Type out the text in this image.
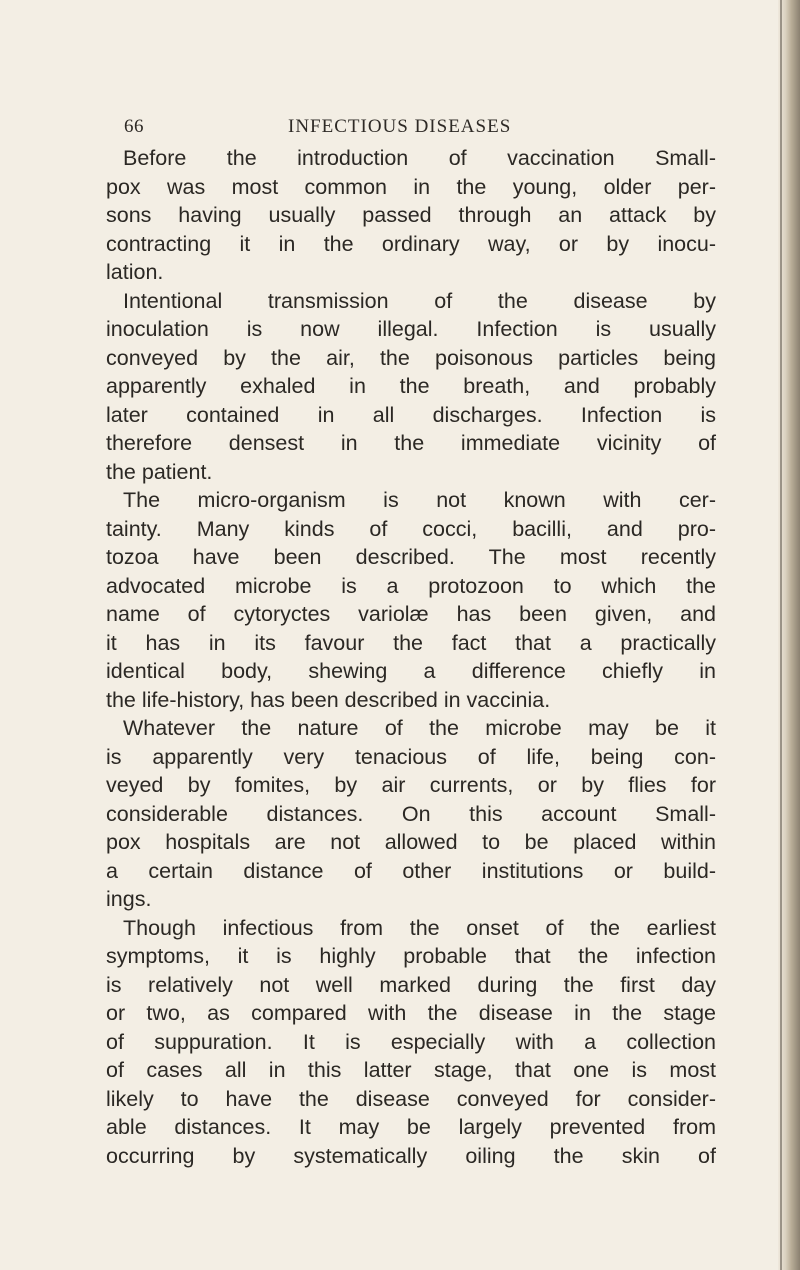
66	INFECTIOUS DISEASES
Before the introduction of vaccination Small-
pox was most common in the young, older per-
sons having usually passed through an attack by
contracting it in the ordinary way, or by inocu-
lation.
Intentional transmission of the disease by
inoculation is now illegal. Infection is usually
conveyed by the air, the poisonous particles being
apparently exhaled in the breath, and probably
later contained in all discharges. Infection is
therefore densest in the immediate vicinity of
the patient.
The micro-organism is not known with cer-
tainty. Many kinds of cocci, bacilli, and pro-
tozoa have been described. The most recently
advocated microbe is a protozoon to which the
name of cytoryctes variolæ has been given, and
it has in its favour the fact that a practically
identical body, shewing a difference chiefly in
the life-history, has been described in vaccinia.
Whatever the nature of the microbe may be it
is apparently very tenacious of life, being con-
veyed by fomites, by air currents, or by flies for
considerable distances. On this account Small-
pox hospitals are not allowed to be placed within
a certain distance of other institutions or build-
ings.
Though infectious from the onset of the earliest
symptoms, it is highly probable that the infection
is relatively not well marked during the first day
or two, as compared with the disease in the stage
of suppuration. It is especially with a collection
of cases all in this latter stage, that one is most
likely to have the disease conveyed for consider-
able distances. It may be largely prevented from
occurring by systematically oiling the skin of
